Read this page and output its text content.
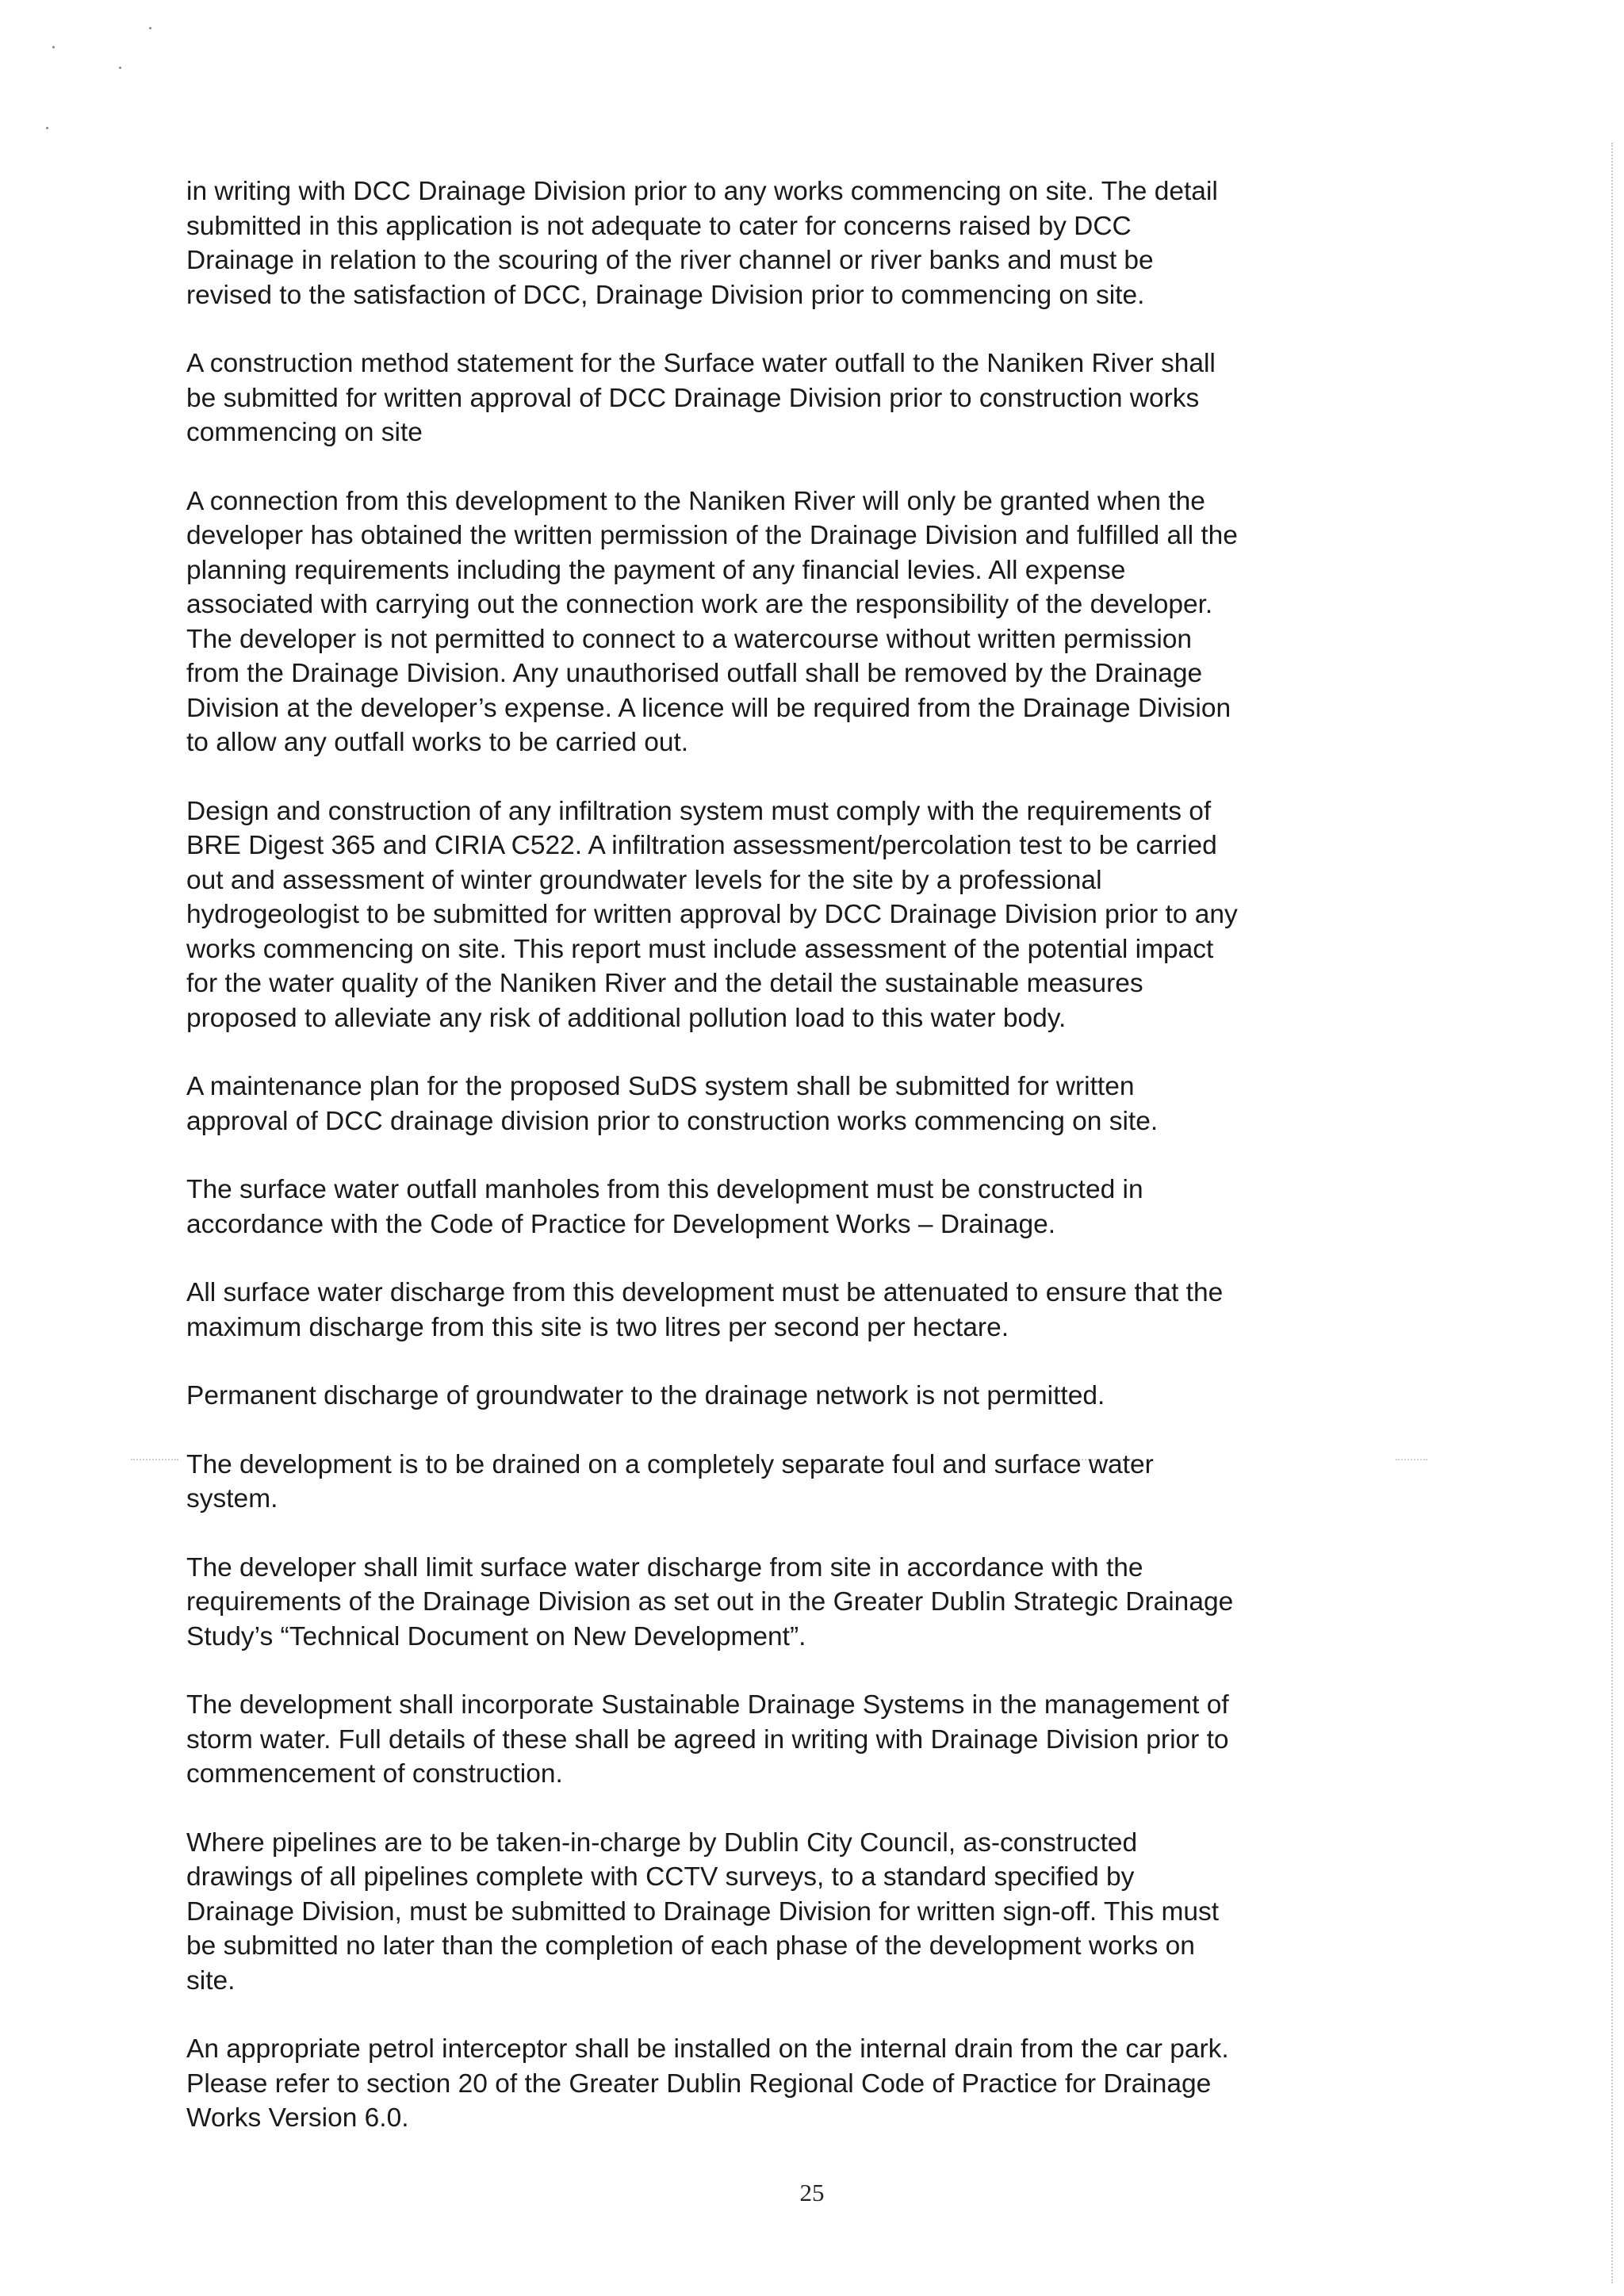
in writing with DCC Drainage Division prior to any works commencing on site. The detail
submitted in this application is not adequate to cater for concerns raised by DCC
Drainage in relation to the scouring of the river channel or river banks and must be
revised to the satisfaction of DCC, Drainage Division prior to commencing on site.

A construction method statement for the Surface water outfall to the Naniken River shall
be submitted for written approval of DCC Drainage Division prior to construction works
commencing on site

A connection from this development to the Naniken River will only be granted when the
developer has obtained the written permission of the Drainage Division and fulfilled all the
planning requirements including the payment of any financial levies. All expense
associated with carrying out the connection work are the responsibility of the developer.
The developer is not permitted to connect to a watercourse without written permission
from the Drainage Division. Any unauthorised outfall shall be removed by the Drainage
Division at the developer’s expense. A licence will be required from the Drainage Division
to allow any outfall works to be carried out.

Design and construction of any infiltration system must comply with the requirements of
BRE Digest 365 and CIRIA C522. A infiltration assessment/percolation test to be carried
out and assessment of winter groundwater levels for the site by a professional
hydrogeologist to be submitted for written approval by DCC Drainage Division prior to any
works commencing on site. This report must include assessment of the potential impact
for the water quality of the Naniken River and the detail the sustainable measures
proposed to alleviate any risk of additional pollution load to this water body.

A maintenance plan for the proposed SuDS system shall be submitted for written
approval of DCC drainage division prior to construction works commencing on site.

The surface water outfall manholes from this development must be constructed in
accordance with the Code of Practice for Development Works – Drainage.

All surface water discharge from this development must be attenuated to ensure that the
maximum discharge from this site is two litres per second per hectare.

Permanent discharge of groundwater to the drainage network is not permitted.

The development is to be drained on a completely separate foul and surface water
system.

The developer shall limit surface water discharge from site in accordance with the
requirements of the Drainage Division as set out in the Greater Dublin Strategic Drainage
Study’s “Technical Document on New Development”.

The development shall incorporate Sustainable Drainage Systems in the management of
storm water. Full details of these shall be agreed in writing with Drainage Division prior to
commencement of construction.

Where pipelines are to be taken-in-charge by Dublin City Council, as-constructed
drawings of all pipelines complete with CCTV surveys, to a standard specified by
Drainage Division, must be submitted to Drainage Division for written sign-off. This must
be submitted no later than the completion of each phase of the development works on
site.

An appropriate petrol interceptor shall be installed on the internal drain from the car park.
Please refer to section 20 of the Greater Dublin Regional Code of Practice for Drainage
Works Version 6.0.

25
